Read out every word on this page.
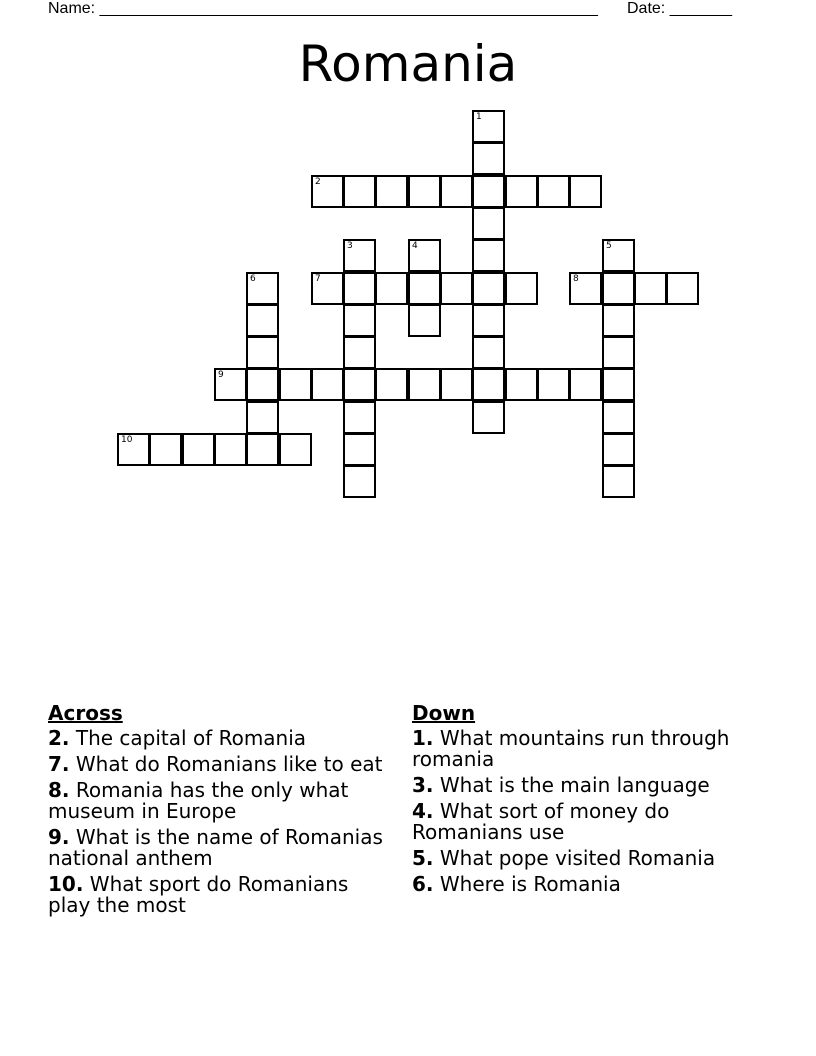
Name: ________________________________________________________ Date: _______
Romania
1
2
3	4	5
6	7	8
9
10
Across
2. The capital of Romania
7. What do Romanians like to eat
8. Romania has the only what museum in Europe
9. What is the name of Romanias national anthem
10. What sport do Romanians play the most
Down
1. What mountains run through romania
3. What is the main language
4. What sort of money do Romanians use
5. What pope visited Romania
6. Where is Romania
